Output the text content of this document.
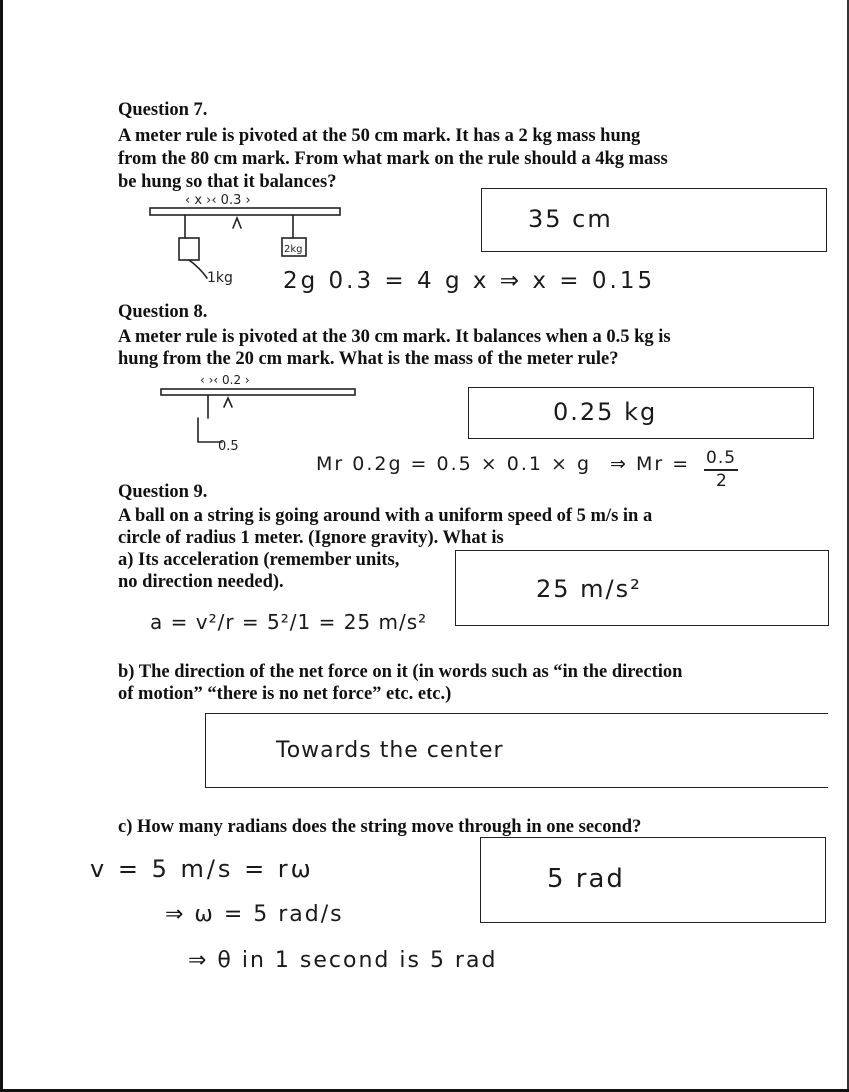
Question 7.

A meter rule is pivoted at the 50 cm mark. It has a 2 kg mass hung

from the 80 cm mark. From what mark on the rule should a 4kg mass

be hung so that it balances?

‹ x ›‹ 0.3 ›
2kg
1kg
35 cm
2g 0.3 = 4 g x ⇒ x = 0.15

Question 8.

A meter rule is pivoted at the 30 cm mark. It balances when a 0.5 kg is

hung from the 20 cm mark. What is the mass of the meter rule?

‹ ›‹ 0.2 ›
0.5
0.25 kg
Mr 0.2g = 0.5 × 0.1 × g ⇒ Mr = 0.5
2

Question 9.

A ball on a string is going around with a uniform speed of 5 m/s in a

circle of radius 1 meter. (Ignore gravity). What is

a) Its acceleration (remember units,

no direction needed).	25 m/s²
a = v²/r = 5²/1 = 25 m/s²

b) The direction of the net force on it (in words such as “in the direction

of motion” “there is no net force” etc. etc.)

Towards the center

c) How many radians does the string move through in one second?

5 rad
v = 5 m/s = rω
⇒ ω = 5 rad/s
⇒ θ in 1 second is 5 rad
